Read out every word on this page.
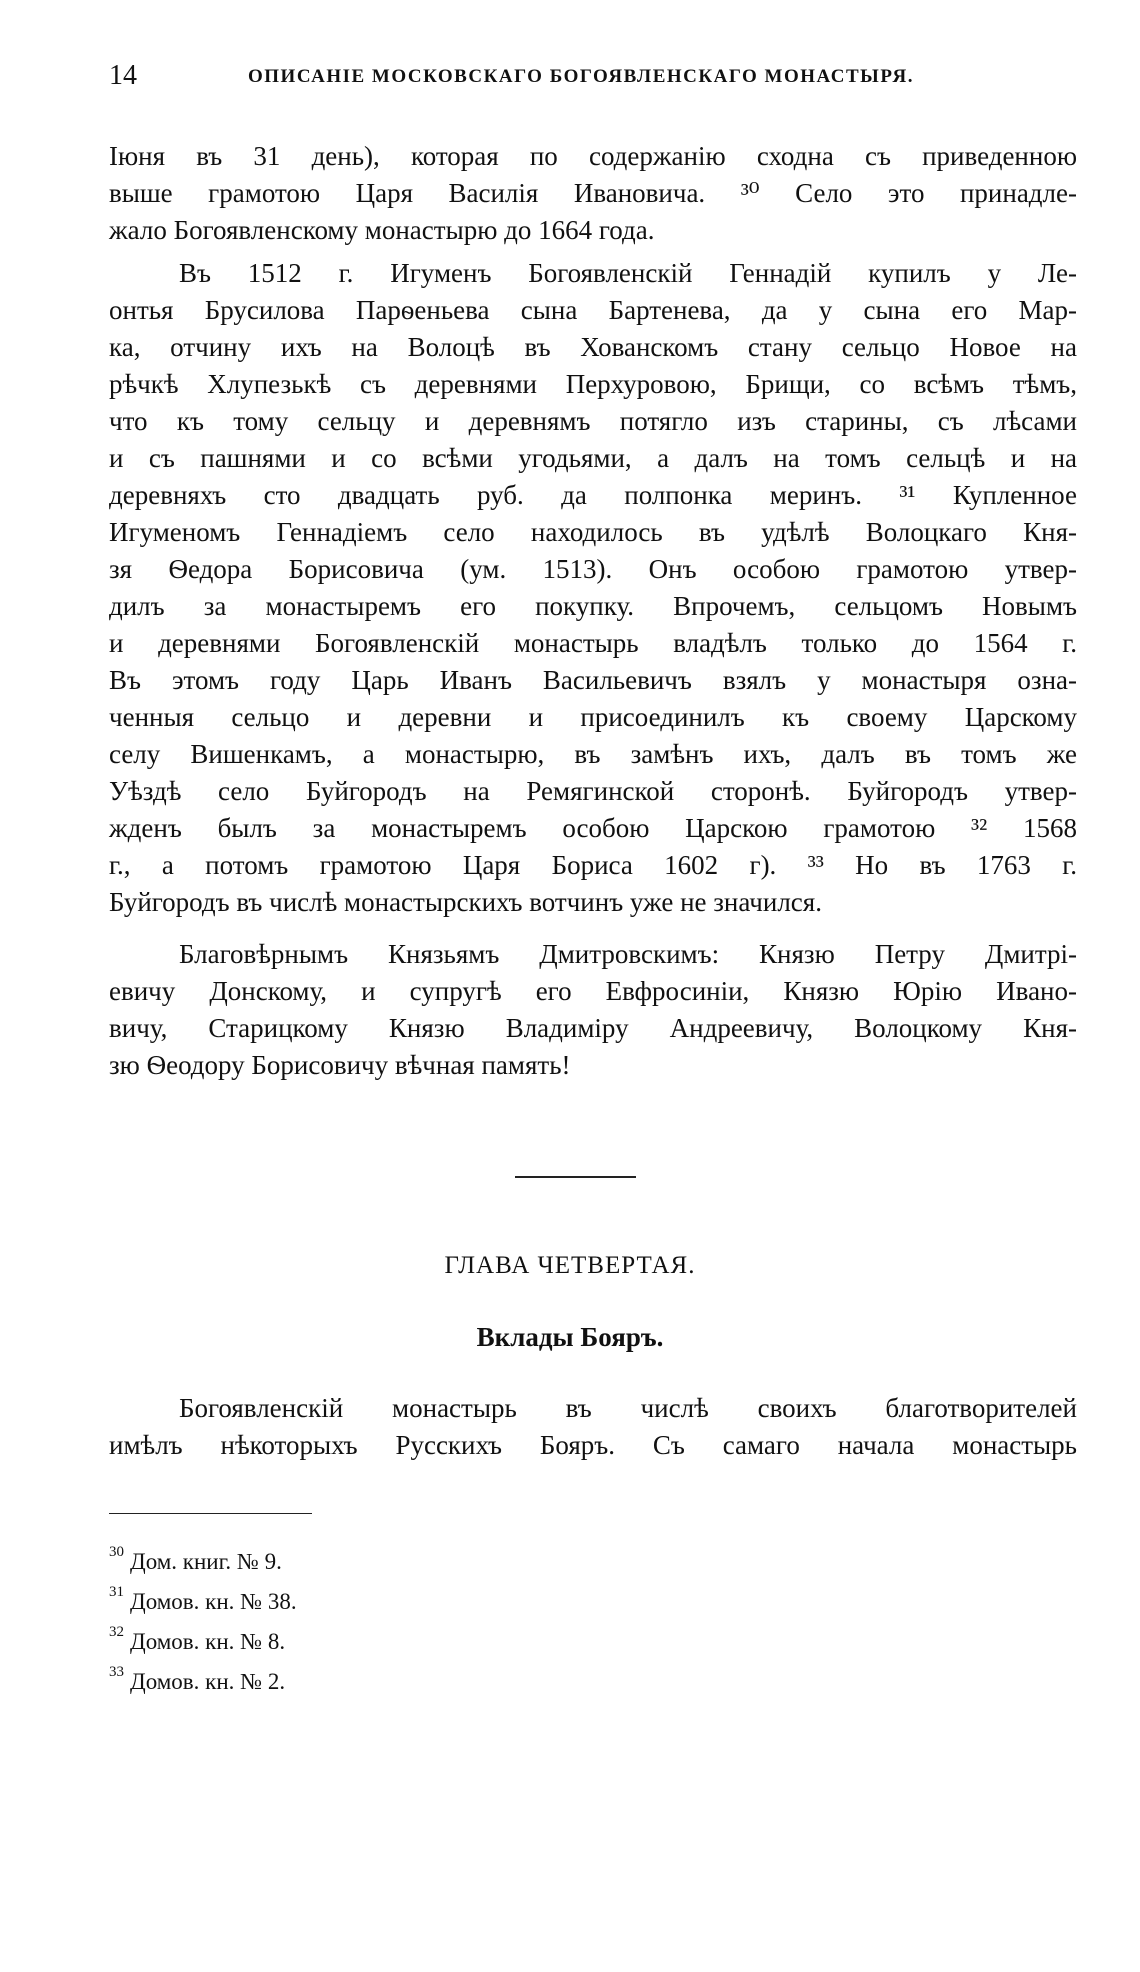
14	ОПИСАНІЕ МОСКОВСКАГО БОГОЯВЛЕНСКАГО МОНАСТЫРЯ.
Іюня въ 31 день), которая по содержанію сходна съ приведенною
выше грамотою Царя Василія Ивановича. ³⁰ Село это принадле-
жало Богоявленскому монастырю до 1664 года.
Въ 1512 г. Игуменъ Богоявленскій Геннадій купилъ у Ле-
онтья Брусилова Парѳеньева сына Бартенева, да у сына его Мар-
ка, отчину ихъ на Волоцѣ въ Хованскомъ стану сельцо Новое на
рѣчкѣ Хлупезькѣ съ деревнями Перхуровою, Брищи, со всѣмъ тѣмъ,
что къ тому сельцу и деревнямъ потягло изъ старины, съ лѣсами
и съ пашнями и со всѣми угодьями, а далъ на томъ сельцѣ и на
деревняхъ сто двадцать руб. да полпонка меринъ. ³¹ Купленное
Игуменомъ Геннадіемъ село находилось въ удѣлѣ Волоцкаго Кня-
зя Ѳедора Борисовича (ум. 1513). Онъ особою грамотою утвер-
дилъ за монастыремъ его покупку. Впрочемъ, сельцомъ Новымъ
и деревнями Богоявленскій монастырь владѣлъ только до 1564 г.
Въ этомъ году Царь Иванъ Васильевичъ взялъ у монастыря озна-
ченныя сельцо и деревни и присоединилъ къ своему Царскому
селу Вишенкамъ, а монастырю, въ замѣнъ ихъ, далъ въ томъ же
Уѣздѣ село Буйгородъ на Ремягинской сторонѣ. Буйгородъ утвер-
жденъ былъ за монастыремъ особою Царскою грамотою ³² 1568
г., а потомъ грамотою Царя Бориса 1602 г). ³³ Но въ 1763 г.
Буйгородъ въ числѣ монастырскихъ вотчинъ уже не значился.
Благовѣрнымъ Князьямъ Дмитровскимъ: Князю Петру Дмитрі-
евичу Донскому, и супругѣ его Евфросиніи, Князю Юрію Ивано-
вичу, Старицкому Князю Владиміру Андреевичу, Волоцкому Кня-
зю Ѳеодору Борисовичу вѣчная память!
ГЛАВА ЧЕТВЕРТАЯ.
Вклады Бояръ.
Богоявленскій монастырь въ числѣ своихъ благотворителей
имѣлъ нѣкоторыхъ Русскихъ Бояръ. Съ самаго начала монастырь
$^{30}$ Дом. книг. № 9.
$^{31}$ Домов. кн. № 38.
$^{32}$ Домов. кн. № 8.
$^{33}$ Домов. кн. № 2.
